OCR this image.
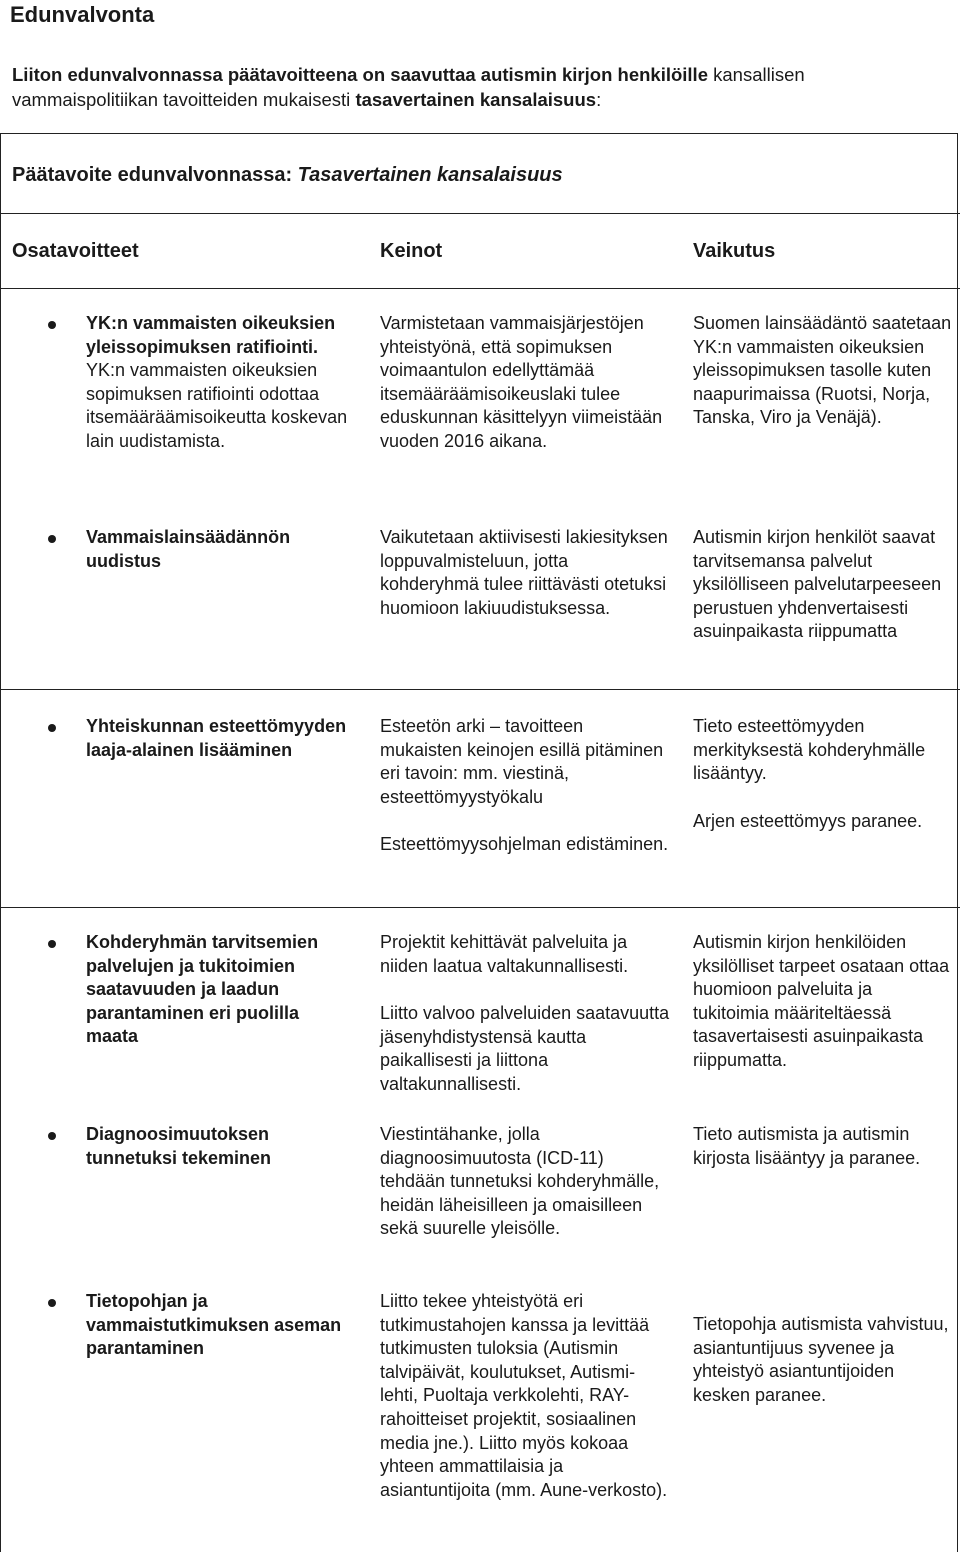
Edunvalvonta
Liiton edunvalvonnassa päätavoitteena on saavuttaa autismin kirjon henkilöille kansallisen vammaispolitiikan tavoitteiden mukaisesti tasavertainen kansalaisuus:
Päätavoite edunvalvonnassa: Tasavertainen kansalaisuus
Osatavoitteet	Keinot	Vaikutus
YK:n vammaisten oikeuksien yleissopimuksen ratifiointi. YK:n vammaisten oikeuksien sopimuksen ratifiointi odottaa itsemääräämisoikeutta koskevan lain uudistamista.
Varmistetaan vammaisjärjestöjen yhteistyönä, että sopimuksen voimaantulon edellyttämää itsemääräämisoikeuslaki tulee eduskunnan käsittelyyn viimeistään vuoden 2016 aikana.
Suomen lainsäädäntö saatetaan YK:n vammaisten oikeuksien yleissopimuksen tasolle kuten naapurimaissa (Ruotsi, Norja, Tanska, Viro ja Venäjä).
Vammaislainsäädännön uudistus
Vaikutetaan aktiivisesti lakiesityksen loppuvalmisteluun, jotta kohderyhmä tulee riittävästi otetuksi huomioon lakiuudistuksessa.
Autismin kirjon henkilöt saavat tarvitsemansa palvelut yksilölliseen palvelutarpeeseen perustuen yhdenvertaisesti asuinpaikasta riippumatta
Yhteiskunnan esteettömyyden laaja-alainen lisääminen

Esteetön arki – tavoitteen mukaisten keinojen esillä pitäminen eri tavoin: mm. viestinä, esteettömyystyökalu

Esteettömyysohjelman edistäminen.

Tieto esteettömyyden merkityksestä kohderyhmälle lisääntyy.

Arjen esteettömyys paranee.

Kohderyhmän tarvitsemien palvelujen ja tukitoimien saatavuuden ja laadun parantaminen eri puolilla maata

Projektit kehittävät palveluita ja niiden laatua valtakunnallisesti.

Liitto valvoo palveluiden saatavuutta jäsenyhdistystensä kautta paikallisesti ja liittona valtakunnallisesti.

Autismin kirjon henkilöiden yksilölliset tarpeet osataan ottaa huomioon palveluita ja tukitoimia määriteltäessä tasavertaisesti asuinpaikasta riippumatta.
Diagnoosimuutoksen tunnetuksi tekeminen
Viestintähanke, jolla diagnoosimuutosta (ICD-11) tehdään tunnetuksi kohderyhmälle, heidän läheisilleen ja omaisilleen sekä suurelle yleisölle.
Tieto autismista ja autismin kirjosta lisääntyy ja paranee.
Tietopohjan ja vammaistutkimuksen aseman parantaminen
Liitto tekee yhteistyötä eri tutkimustahojen kanssa ja levittää tutkimusten tuloksia (Autismin talvipäivät, koulutukset, Autismi-lehti, Puoltaja verkkolehti, RAY-rahoitteiset projektit, sosiaalinen media jne.). Liitto myös kokoaa yhteen ammattilaisia ja asiantuntijoita (mm. Aune-verkosto).
Tietopohja autismista vahvistuu, asiantuntijuus syvenee ja yhteistyö asiantuntijoiden kesken paranee.
